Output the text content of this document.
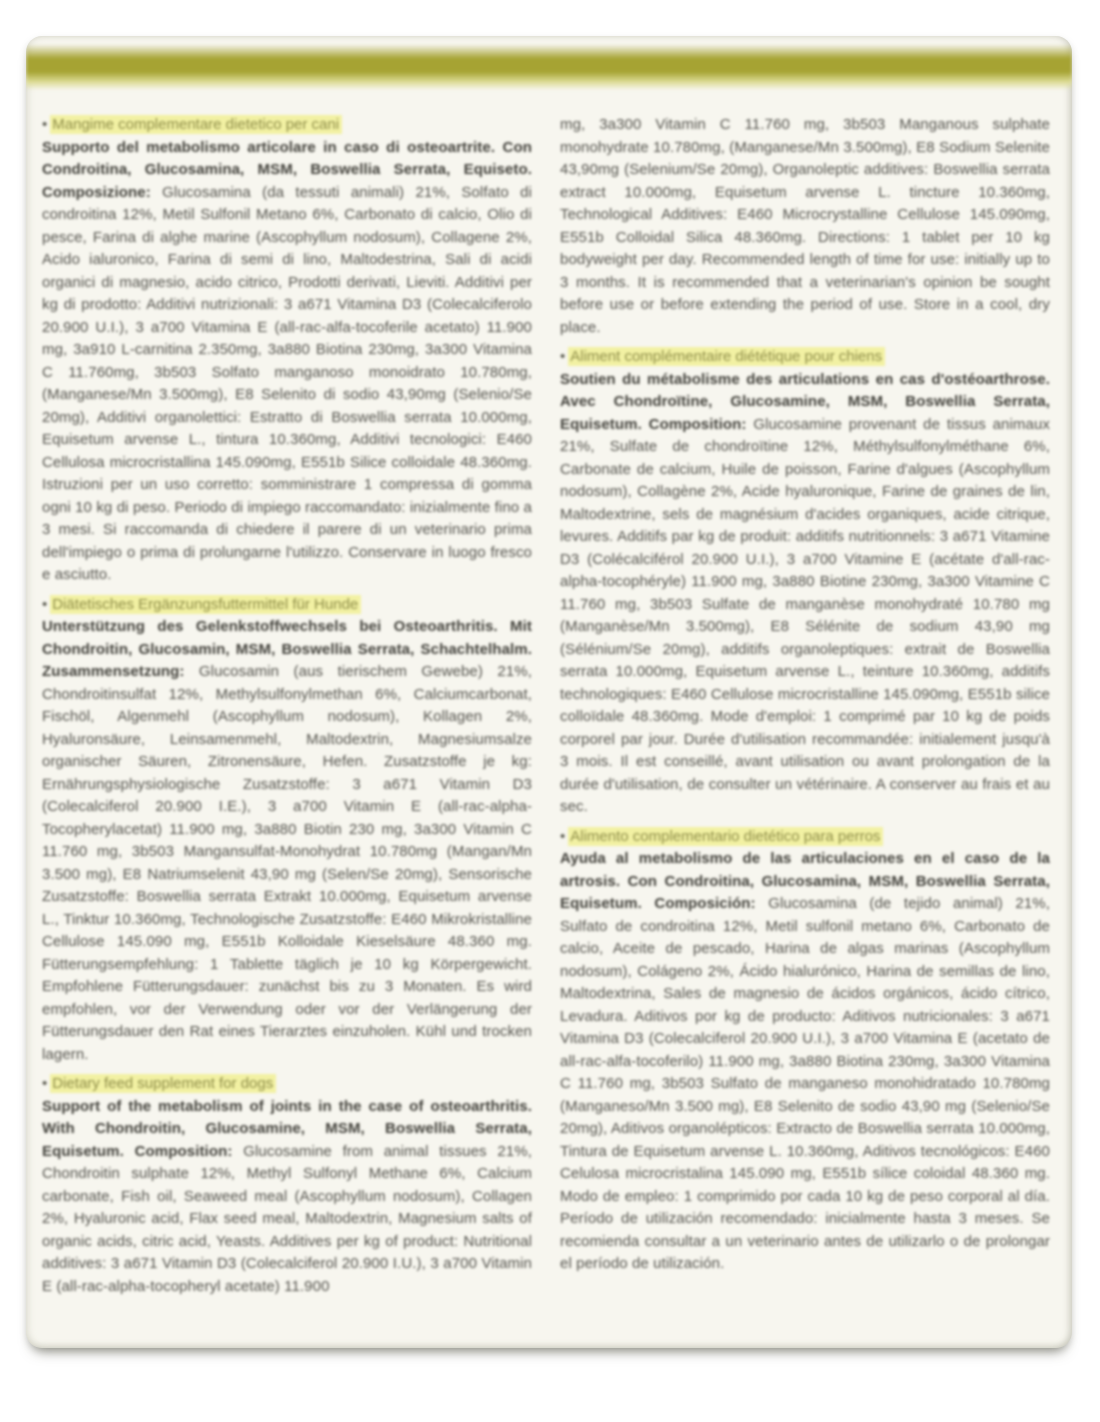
• Mangime complementare dietetico per cani

Supporto del metabolismo articolare in caso di osteoartrite. Con Condroitina, Glucosamina, MSM, Boswellia Serrata, Equiseto. Composizione: Glucosamina (da tessuti animali) 21%, Solfato di condroitina 12%, Metil Sulfonil Metano 6%, Carbonato di calcio, Olio di pesce, Farina di alghe marine (Ascophyllum nodosum), Collagene 2%, Acido ialuronico, Farina di semi di lino, Maltodestrina, Sali di acidi organici di magnesio, acido citrico, Prodotti derivati, Lieviti. Additivi per kg di prodotto: Additivi nutrizionali: 3 a671 Vitamina D3 (Colecalciferolo 20.900 U.I.), 3 a700 Vitamina E (all-rac-alfa-tocoferile acetato) 11.900 mg, 3a910 L-carnitina 2.350mg, 3a880 Biotina 230mg, 3a300 Vitamina C 11.760mg, 3b503 Solfato manganoso monoidrato 10.780mg, (Manganese/Mn 3.500mg), E8 Selenito di sodio 43,90mg (Selenio/Se 20mg), Additivi organolettici: Estratto di Boswellia serrata 10.000mg, Equisetum arvense L., tintura 10.360mg, Additivi tecnologici: E460 Cellulosa microcristallina 145.090mg, E551b Silice colloidale 48.360mg. Istruzioni per un uso corretto: somministrare 1 compressa di gomma ogni 10 kg di peso. Periodo di impiego raccomandato: inizialmente fino a 3 mesi. Si raccomanda di chiedere il parere di un veterinario prima dell'impiego o prima di prolungarne l'utilizzo. Conservare in luogo fresco e asciutto.

• Diätetisches Ergänzungsfuttermittel für Hunde

Unterstützung des Gelenkstoffwechsels bei Osteoarthritis. Mit Chondroitin, Glucosamin, MSM, Boswellia Serrata, Schachtelhalm. Zusammensetzung: Glucosamin (aus tierischem Gewebe) 21%, Chondroitinsulfat 12%, Methylsulfonylmethan 6%, Calciumcarbonat, Fischöl, Algenmehl (Ascophyllum nodosum), Kollagen 2%, Hyaluronsäure, Leinsamenmehl, Maltodextrin, Magnesiumsalze organischer Säuren, Zitronensäure, Hefen. Zusatzstoffe je kg: Ernährungsphysiologische Zusatzstoffe: 3 a671 Vitamin D3 (Colecalciferol 20.900 I.E.), 3 a700 Vitamin E (all-rac-alpha-Tocopherylacetat) 11.900 mg, 3a880 Biotin 230 mg, 3a300 Vitamin C 11.760 mg, 3b503 Mangansulfat-Monohydrat 10.780mg (Mangan/Mn 3.500 mg), E8 Natriumselenit 43,90 mg (Selen/Se 20mg), Sensorische Zusatzstoffe: Boswellia serrata Extrakt 10.000mg, Equisetum arvense L., Tinktur 10.360mg, Technologische Zusatzstoffe: E460 Mikrokristalline Cellulose 145.090 mg, E551b Kolloidale Kieselsäure 48.360 mg. Fütterungsempfehlung: 1 Tablette täglich je 10 kg Körpergewicht. Empfohlene Fütterungsdauer: zunächst bis zu 3 Monaten. Es wird empfohlen, vor der Verwendung oder vor der Verlängerung der Fütterungsdauer den Rat eines Tierarztes einzuholen. Kühl und trocken lagern.

• Dietary feed supplement for dogs

Support of the metabolism of joints in the case of osteoarthritis. With Chondroitin, Glucosamine, MSM, Boswellia Serrata, Equisetum. Composition: Glucosamine from animal tissues 21%, Chondroitin sulphate 12%, Methyl Sulfonyl Methane 6%, Calcium carbonate, Fish oil, Seaweed meal (Ascophyllum nodosum), Collagen 2%, Hyaluronic acid, Flax seed meal, Maltodextrin, Magnesium salts of organic acids, citric acid, Yeasts. Additives per kg of product: Nutritional additives: 3 a671 Vitamin D3 (Colecalciferol 20.900 I.U.), 3 a700 Vitamin E (all-rac-alpha-tocopheryl acetate) 11.900

mg, 3a300 Vitamin C 11.760 mg, 3b503 Manganous sulphate monohydrate 10.780mg, (Manganese/Mn 3.500mg), E8 Sodium Selenite 43,90mg (Selenium/Se 20mg), Organoleptic additives: Boswellia serrata extract 10.000mg, Equisetum arvense L. tincture 10.360mg, Technological Additives: E460 Microcrystalline Cellulose 145.090mg, E551b Colloidal Silica 48.360mg. Directions: 1 tablet per 10 kg bodyweight per day. Recommended length of time for use: initially up to 3 months. It is recommended that a veterinarian's opinion be sought before use or before extending the period of use. Store in a cool, dry place.

• Aliment complémentaire diététique pour chiens

Soutien du métabolisme des articulations en cas d'ostéoarthrose. Avec Chondroïtine, Glucosamine, MSM, Boswellia Serrata, Equisetum. Composition: Glucosamine provenant de tissus animaux 21%, Sulfate de chondroïtine 12%, Méthylsulfonylméthane 6%, Carbonate de calcium, Huile de poisson, Farine d'algues (Ascophyllum nodosum), Collagène 2%, Acide hyaluronique, Farine de graines de lin, Maltodextrine, sels de magnésium d'acides organiques, acide citrique, levures. Additifs par kg de produit: additifs nutritionnels: 3 a671 Vitamine D3 (Colécalciférol 20.900 U.I.), 3 a700 Vitamine E (acétate d'all-rac-alpha-tocophéryle) 11.900 mg, 3a880 Biotine 230mg, 3a300 Vitamine C 11.760 mg, 3b503 Sulfate de manganèse monohydraté 10.780 mg (Manganèse/Mn 3.500mg), E8 Sélénite de sodium 43,90 mg (Sélénium/Se 20mg), additifs organoleptiques: extrait de Boswellia serrata 10.000mg, Equisetum arvense L., teinture 10.360mg, additifs technologiques: E460 Cellulose microcristalline 145.090mg, E551b silice colloïdale 48.360mg. Mode d'emploi: 1 comprimé par 10 kg de poids corporel par jour. Durée d'utilisation recommandée: initialement jusqu'à 3 mois. Il est conseillé, avant utilisation ou avant prolongation de la durée d'utilisation, de consulter un vétérinaire. A conserver au frais et au sec.

• Alimento complementario dietético para perros

Ayuda al metabolismo de las articulaciones en el caso de la artrosis. Con Condroitina, Glucosamina, MSM, Boswellia Serrata, Equisetum. Composición: Glucosamina (de tejido animal) 21%, Sulfato de condroitina 12%, Metil sulfonil metano 6%, Carbonato de calcio, Aceite de pescado, Harina de algas marinas (Ascophyllum nodosum), Colágeno 2%, Ácido hialurónico, Harina de semillas de lino, Maltodextrina, Sales de magnesio de ácidos orgánicos, ácido cítrico, Levadura. Aditivos por kg de producto: Aditivos nutricionales: 3 a671 Vitamina D3 (Colecalciferol 20.900 U.I.), 3 a700 Vitamina E (acetato de all-rac-alfa-tocoferilo) 11.900 mg, 3a880 Biotina 230mg, 3a300 Vitamina C 11.760 mg, 3b503 Sulfato de manganeso monohidratado 10.780mg (Manganeso/Mn 3.500 mg), E8 Selenito de sodio 43,90 mg (Selenio/Se 20mg), Aditivos organolépticos: Extracto de Boswellia serrata 10.000mg, Tintura de Equisetum arvense L. 10.360mg, Aditivos tecnológicos: E460 Celulosa microcristalina 145.090 mg, E551b sílice coloidal 48.360 mg. Modo de empleo: 1 comprimido por cada 10 kg de peso corporal al día. Período de utilización recomendado: inicialmente hasta 3 meses. Se recomienda consultar a un veterinario antes de utilizarlo o de prolongar el período de utilización.
